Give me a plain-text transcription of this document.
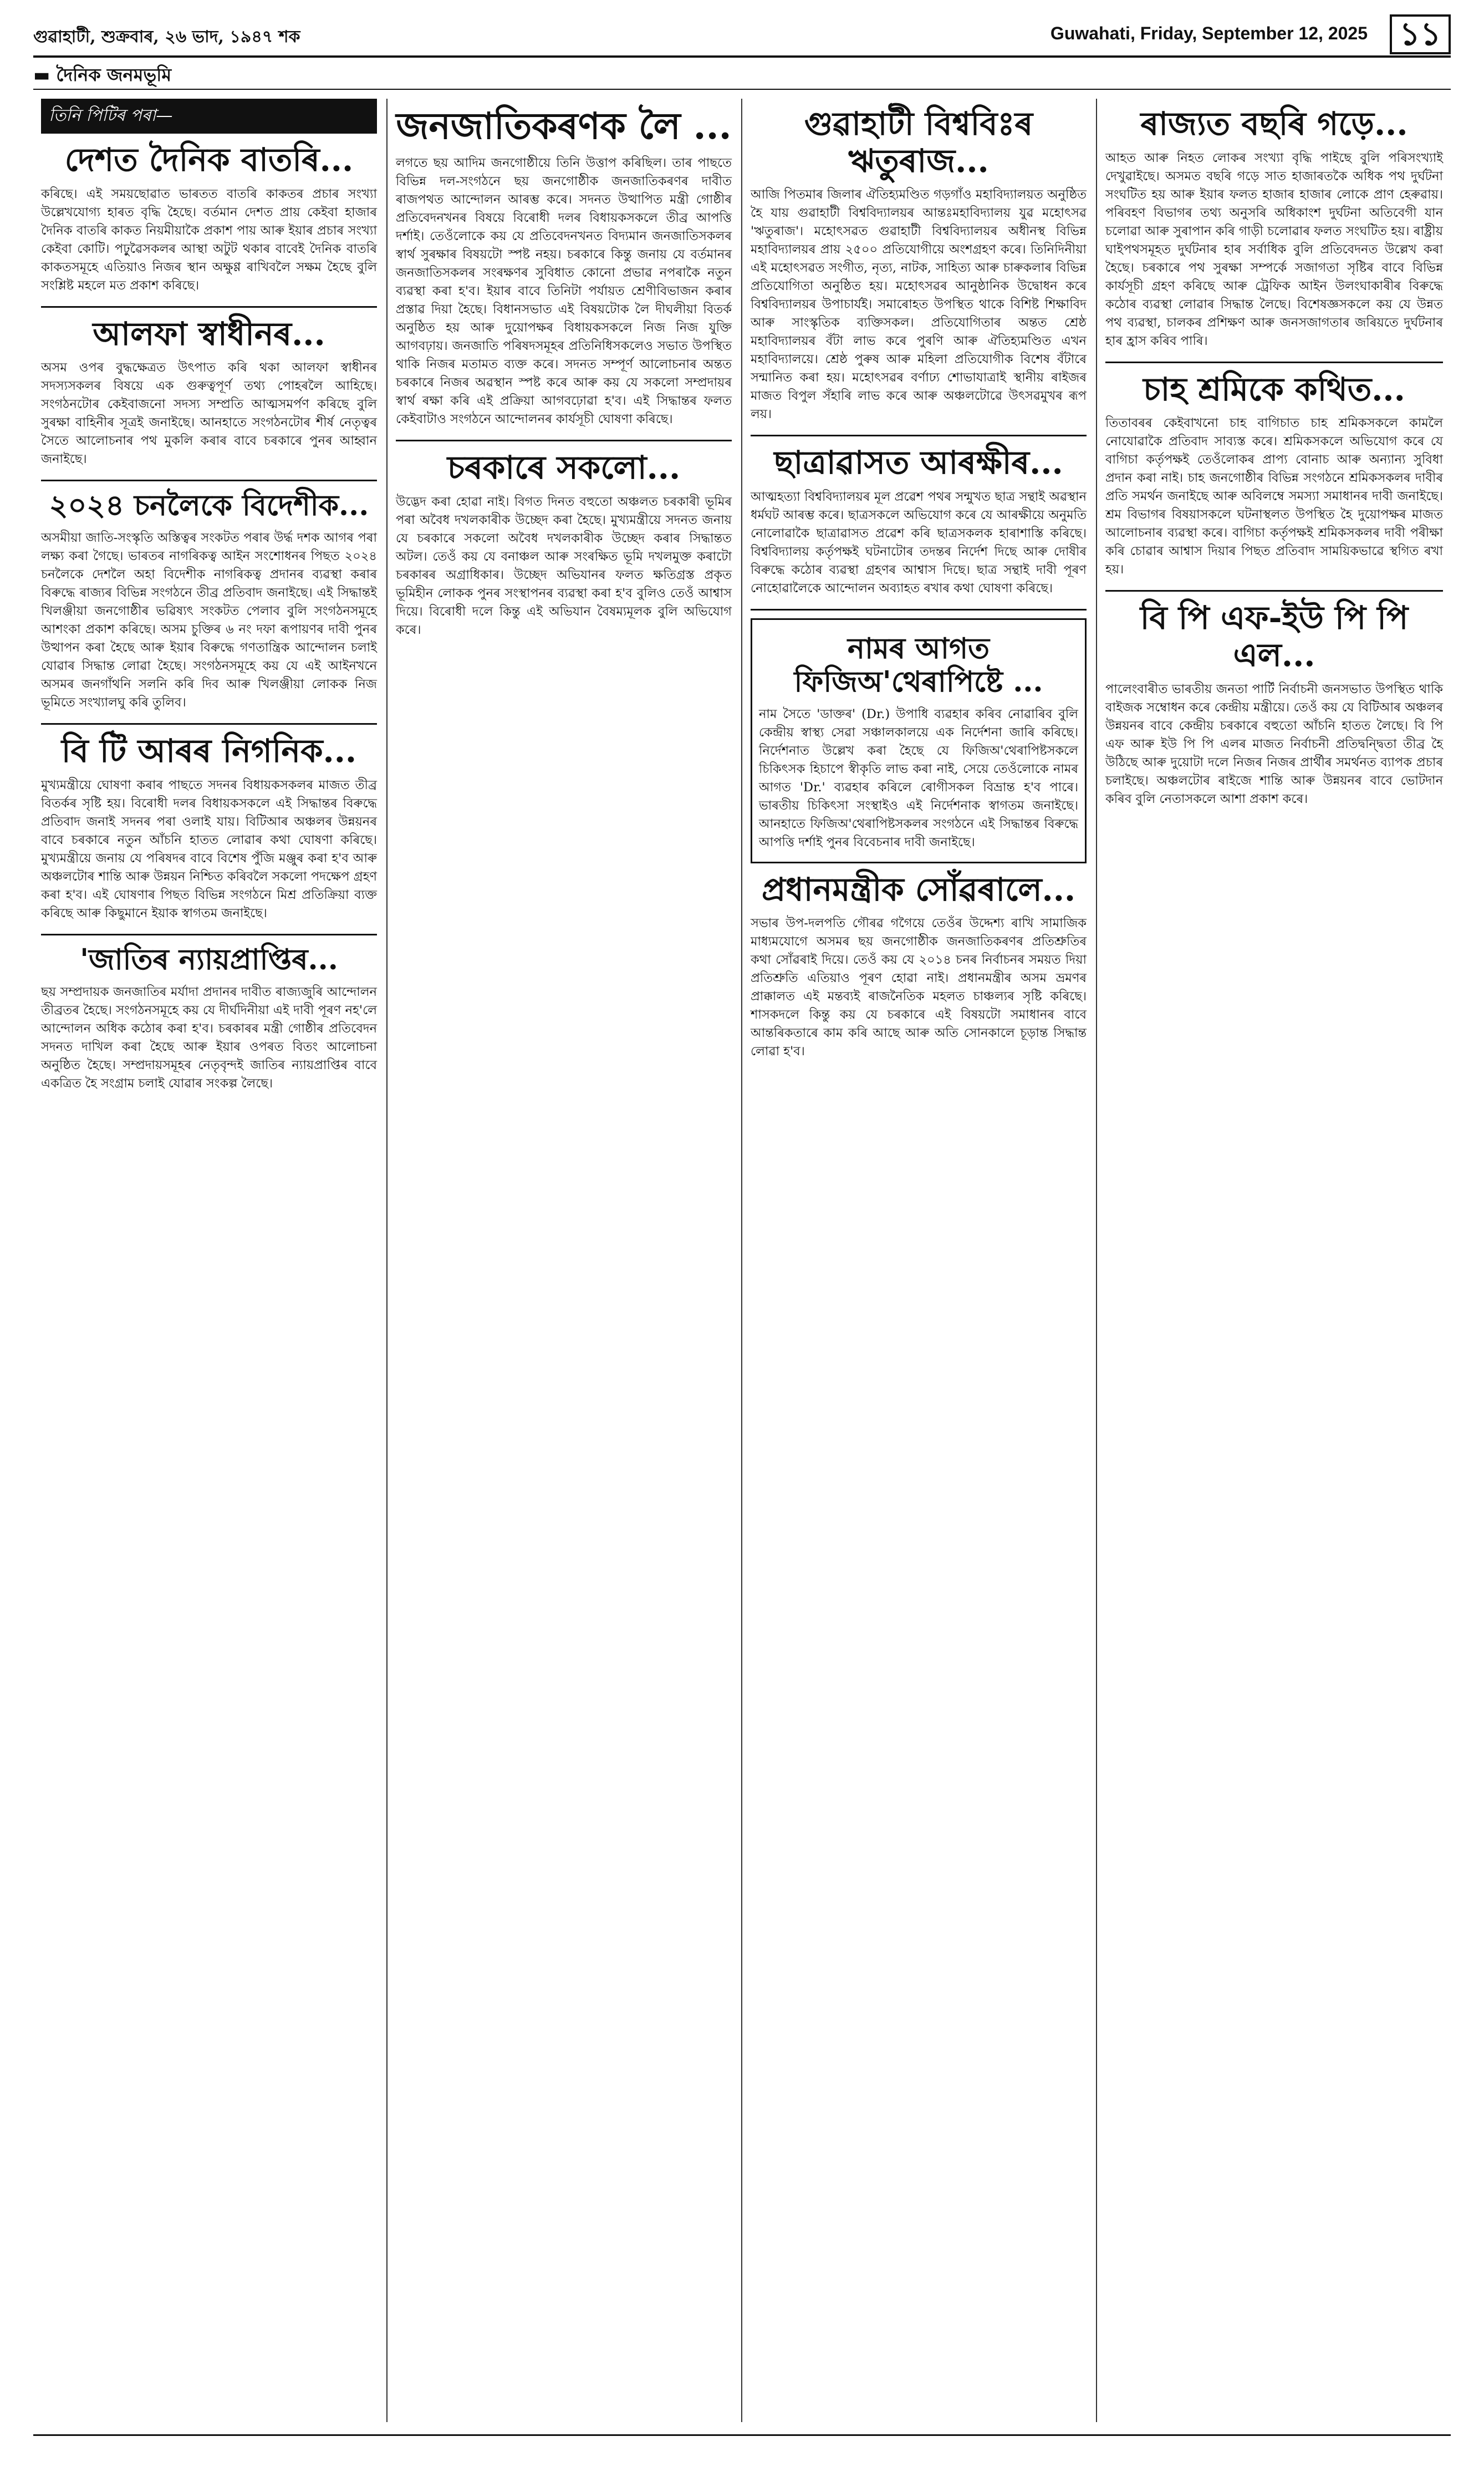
গুৱাহাটী, শুক্ৰবাৰ, ২৬ ভাদ, ১৯৪৭ শক	Guwahati, Friday, September 12, 2025 ১১
▬ দৈনিক জনমভূমি
তিনি পিটিৰ পৰা—
দেশত দৈনিক বাতৰি...

কৰিছে। এই সময়ছোৱাত ভাৰতত বাতৰি কাকতৰ প্ৰচাৰ সংখ্যা উল্লেখযোগ্য হাৰত বৃদ্ধি হৈছে। বৰ্তমান দেশত প্ৰায় কেইবা হাজাৰ দৈনিক বাতৰি কাকত নিয়মীয়াকৈ প্ৰকাশ পায় আৰু ইয়াৰ প্ৰচাৰ সংখ্যা কেইবা কোটি। পঢ়ুৱৈসকলৰ আস্থা অটুট থকাৰ বাবেই দৈনিক বাতৰি কাকতসমূহে এতিয়াও নিজৰ স্থান অক্ষুণ্ণ ৰাখিবলৈ সক্ষম হৈছে বুলি সংশ্লিষ্ট মহলে মত প্ৰকাশ কৰিছে।

আলফা স্বাধীনৰ...

অসম ওপৰ বুদ্ধক্ষেত্ৰত উৎপাত কৰি থকা আলফা স্বাধীনৰ সদস্যসকলৰ বিষয়ে এক গুৰুত্বপূৰ্ণ তথ্য পোহৰলৈ আহিছে। সংগঠনটোৰ কেইবাজনো সদস্য সম্প্ৰতি আত্মসমৰ্পণ কৰিছে বুলি সুৰক্ষা বাহিনীৰ সূত্ৰই জনাইছে। আনহাতে সংগঠনটোৰ শীৰ্ষ নেতৃত্বৰ সৈতে আলোচনাৰ পথ মুকলি কৰাৰ বাবে চৰকাৰে পুনৰ আহ্বান জনাইছে।

২০২৪ চনলৈকে বিদেশীক...

অসমীয়া জাতি-সংস্কৃতি অস্তিত্বৰ সংকটত পৰাৰ উৰ্দ্ধ দশক আগৰ পৰা লক্ষ্য কৰা গৈছে। ভাৰতৰ নাগৰিকত্ব আইন সংশোধনৰ পিছত ২০২৪ চনলৈকে দেশলৈ অহা বিদেশীক নাগৰিকত্ব প্ৰদানৰ ব্যৱস্থা কৰাৰ বিৰুদ্ধে ৰাজ্যৰ বিভিন্ন সংগঠনে তীব্ৰ প্ৰতিবাদ জনাইছে। এই সিদ্ধান্তই খিলঞ্জীয়া জনগোষ্ঠীৰ ভৱিষ্যৎ সংকটত পেলাব বুলি সংগঠনসমূহে আশংকা প্ৰকাশ কৰিছে। অসম চুক্তিৰ ৬ নং দফা ৰূপায়ণৰ দাবী পুনৰ উত্থাপন কৰা হৈছে আৰু ইয়াৰ বিৰুদ্ধে গণতান্ত্ৰিক আন্দোলন চলাই যোৱাৰ সিদ্ধান্ত লোৱা হৈছে। সংগঠনসমূহে কয় যে এই আইনখনে অসমৰ জনগাঁথনি সলনি কৰি দিব আৰু খিলঞ্জীয়া লোকক নিজ ভূমিতে সংখ্যালঘু কৰি তুলিব।

বি টি আৰৰ নিগনিক...

মুখ্যমন্ত্ৰীয়ে ঘোষণা কৰাৰ পাছতে সদনৰ বিধায়কসকলৰ মাজত তীব্ৰ বিতৰ্কৰ সৃষ্টি হয়। বিৰোধী দলৰ বিধায়কসকলে এই সিদ্ধান্তৰ বিৰুদ্ধে প্ৰতিবাদ জনাই সদনৰ পৰা ওলাই যায়। বিটিআৰ অঞ্চলৰ উন্নয়নৰ বাবে চৰকাৰে নতুন আঁচনি হাতত লোৱাৰ কথা ঘোষণা কৰিছে। মুখ্যমন্ত্ৰীয়ে জনায় যে পৰিষদৰ বাবে বিশেষ পুঁজি মঞ্জুৰ কৰা হ'ব আৰু অঞ্চলটোৰ শান্তি আৰু উন্নয়ন নিশ্চিত কৰিবলৈ সকলো পদক্ষেপ গ্ৰহণ কৰা হ'ব। এই ঘোষণাৰ পিছত বিভিন্ন সংগঠনে মিশ্ৰ প্ৰতিক্ৰিয়া ব্যক্ত কৰিছে আৰু কিছুমানে ইয়াক স্বাগতম জনাইছে।

'জাতিৰ ন্যায়প্ৰাপ্তিৰ...

ছয় সম্প্ৰদায়ক জনজাতিৰ মৰ্যাদা প্ৰদানৰ দাবীত ৰাজ্যজুৰি আন্দোলন তীব্ৰতৰ হৈছে। সংগঠনসমূহে কয় যে দীৰ্ঘদিনীয়া এই দাবী পূৰণ নহ'লে আন্দোলন অধিক কঠোৰ কৰা হ'ব। চৰকাৰৰ মন্ত্ৰী গোষ্ঠীৰ প্ৰতিবেদন সদনত দাখিল কৰা হৈছে আৰু ইয়াৰ ওপৰত বিতং আলোচনা অনুষ্ঠিত হৈছে। সম্প্ৰদায়সমূহৰ নেতৃবৃন্দই জাতিৰ ন্যায়প্ৰাপ্তিৰ বাবে একত্ৰিত হৈ সংগ্ৰাম চলাই যোৱাৰ সংকল্প লৈছে।

জনজাতিকৰণক লৈ ...

লগতে ছয় আদিম জনগোষ্ঠীয়ে তিনি উত্তাপ কৰিছিল। তাৰ পাছতে বিভিন্ন দল-সংগঠনে ছয় জনগোষ্ঠীক জনজাতিকৰণৰ দাবীত ৰাজপথত আন্দোলন আৰম্ভ কৰে। সদনত উত্থাপিত মন্ত্ৰী গোষ্ঠীৰ প্ৰতিবেদনখনৰ বিষয়ে বিৰোধী দলৰ বিধায়কসকলে তীব্ৰ আপত্তি দৰ্শাই। তেওঁলোকে কয় যে প্ৰতিবেদনখনত বিদ্যমান জনজাতিসকলৰ স্বাৰ্থ সুৰক্ষাৰ বিষয়টো স্পষ্ট নহয়। চৰকাৰে কিন্তু জনায় যে বৰ্তমানৰ জনজাতিসকলৰ সংৰক্ষণৰ সুবিধাত কোনো প্ৰভাৱ নপৰাকৈ নতুন ব্যৱস্থা কৰা হ'ব। ইয়াৰ বাবে তিনিটা পৰ্যায়ত শ্ৰেণীবিভাজন কৰাৰ প্ৰস্তাৱ দিয়া হৈছে। বিধানসভাত এই বিষয়টোক লৈ দীঘলীয়া বিতৰ্ক অনুষ্ঠিত হয় আৰু দুয়োপক্ষৰ বিধায়কসকলে নিজ নিজ যুক্তি আগবঢ়ায়। জনজাতি পৰিষদসমূহৰ প্ৰতিনিধিসকলেও সভাত উপস্থিত থাকি নিজৰ মতামত ব্যক্ত কৰে। সদনত সম্পূৰ্ণ আলোচনাৰ অন্তত চৰকাৰে নিজৰ অৱস্থান স্পষ্ট কৰে আৰু কয় যে সকলো সম্প্ৰদায়ৰ স্বাৰ্থ ৰক্ষা কৰি এই প্ৰক্ৰিয়া আগবঢ়োৱা হ'ব। এই সিদ্ধান্তৰ ফলত কেইবাটাও সংগঠনে আন্দোলনৰ কাৰ্যসূচী ঘোষণা কৰিছে।

চৰকাৰে সকলো...

উদ্ভেদ কৰা হোৱা নাই। বিগত দিনত বহুতো অঞ্চলত চৰকাৰী ভূমিৰ পৰা অবৈধ দখলকাৰীক উচ্ছেদ কৰা হৈছে। মুখ্যমন্ত্ৰীয়ে সদনত জনায় যে চৰকাৰে সকলো অবৈধ দখলকাৰীক উচ্ছেদ কৰাৰ সিদ্ধান্তত অটল। তেওঁ কয় যে বনাঞ্চল আৰু সংৰক্ষিত ভূমি দখলমুক্ত কৰাটো চৰকাৰৰ অগ্ৰাধিকাৰ। উচ্ছেদ অভিযানৰ ফলত ক্ষতিগ্ৰস্ত প্ৰকৃত ভূমিহীন লোকক পুনৰ সংস্থাপনৰ ব্যৱস্থা কৰা হ'ব বুলিও তেওঁ আশ্বাস দিয়ে। বিৰোধী দলে কিন্তু এই অভিযান বৈষম্যমূলক বুলি অভিযোগ কৰে।

গুৱাহাটী বিশ্ববিঃৰ ঋতুৰাজ...

আজি পিতমাৰ জিলাৰ ঐতিহ্যমণ্ডিত গড়গাঁও মহাবিদ্যালয়ত অনুষ্ঠিত হৈ যায় গুৱাহাটী বিশ্ববিদ্যালয়ৰ আন্তঃমহাবিদ্যালয় যুৱ মহোৎসৱ 'ঋতুৰাজ'। মহোৎসৱত গুৱাহাটী বিশ্ববিদ্যালয়ৰ অধীনস্থ বিভিন্ন মহাবিদ্যালয়ৰ প্ৰায় ২৫০০ প্ৰতিযোগীয়ে অংশগ্ৰহণ কৰে। তিনিদিনীয়া এই মহোৎসৱত সংগীত, নৃত্য, নাটক, সাহিত্য আৰু চাৰুকলাৰ বিভিন্ন প্ৰতিযোগিতা অনুষ্ঠিত হয়। মহোৎসৱৰ আনুষ্ঠানিক উদ্বোধন কৰে বিশ্ববিদ্যালয়ৰ উপাচাৰ্যই। সমাৰোহত উপস্থিত থাকে বিশিষ্ট শিক্ষাবিদ আৰু সাংস্কৃতিক ব্যক্তিসকল। প্ৰতিযোগিতাৰ অন্তত শ্ৰেষ্ঠ মহাবিদ্যালয়ৰ বঁটা লাভ কৰে পুৰণি আৰু ঐতিহ্যমণ্ডিত এখন মহাবিদ্যালয়ে। শ্ৰেষ্ঠ পুৰুষ আৰু মহিলা প্ৰতিযোগীক বিশেষ বঁটাৰে সন্মানিত কৰা হয়। মহোৎসৱৰ বৰ্ণাঢ্য শোভাযাত্ৰাই স্থানীয় ৰাইজৰ মাজত বিপুল সঁহাৰি লাভ কৰে আৰু অঞ্চলটোৱে উৎসৱমুখৰ ৰূপ লয়।

ছাত্ৰাৱাসত আৰক্ষীৰ...

আত্মহত্যা বিশ্ববিদ্যালয়ৰ মূল প্ৰৱেশ পথৰ সন্মুখত ছাত্ৰ সন্থাই অৱস্থান ধৰ্মঘট আৰম্ভ কৰে। ছাত্ৰসকলে অভিযোগ কৰে যে আৰক্ষীয়ে অনুমতি নোলোৱাকৈ ছাত্ৰাৱাসত প্ৰৱেশ কৰি ছাত্ৰসকলক হাৰাশাস্তি কৰিছে। বিশ্ববিদ্যালয় কৰ্তৃপক্ষই ঘটনাটোৰ তদন্তৰ নিৰ্দেশ দিছে আৰু দোষীৰ বিৰুদ্ধে কঠোৰ ব্যৱস্থা গ্ৰহণৰ আশ্বাস দিছে। ছাত্ৰ সন্থাই দাবী পূৰণ নোহোৱালৈকে আন্দোলন অব্যাহত ৰখাৰ কথা ঘোষণা কৰিছে।

নামৰ আগত ফিজিঅ'থেৰাপিষ্টে ...

নাম সৈতে 'ডাক্তৰ' (Dr.) উপাধি ব্যৱহাৰ কৰিব নোৱাৰিব বুলি কেন্দ্ৰীয় স্বাস্থ্য সেৱা সঞ্চালকালয়ে এক নিৰ্দেশনা জাৰি কৰিছে। নিৰ্দেশনাত উল্লেখ কৰা হৈছে যে ফিজিঅ'থেৰাপিষ্টসকলে চিকিৎসক হিচাপে স্বীকৃতি লাভ কৰা নাই, সেয়ে তেওঁলোকে নামৰ আগত 'Dr.' ব্যৱহাৰ কৰিলে ৰোগীসকল বিভ্ৰান্ত হ'ব পাৰে। ভাৰতীয় চিকিৎসা সংস্থাইও এই নিৰ্দেশনাক স্বাগতম জনাইছে। আনহাতে ফিজিঅ'থেৰাপিষ্টসকলৰ সংগঠনে এই সিদ্ধান্তৰ বিৰুদ্ধে আপত্তি দৰ্শাই পুনৰ বিবেচনাৰ দাবী জনাইছে।

প্ৰধানমন্ত্ৰীক সোঁৱৰালে...

সভাৰ উপ-দলপতি গৌৰৱ গগৈয়ে তেওঁৰ উদ্দেশ্য ৰাখি সামাজিক মাধ্যমযোগে অসমৰ ছয় জনগোষ্ঠীক জনজাতিকৰণৰ প্ৰতিশ্ৰুতিৰ কথা সোঁৱৰাই দিয়ে। তেওঁ কয় যে ২০১৪ চনৰ নিৰ্বাচনৰ সময়ত দিয়া প্ৰতিশ্ৰুতি এতিয়াও পূৰণ হোৱা নাই। প্ৰধানমন্ত্ৰীৰ অসম ভ্ৰমণৰ প্ৰাক্কালত এই মন্তব্যই ৰাজনৈতিক মহলত চাঞ্চল্যৰ সৃষ্টি কৰিছে। শাসকদলে কিন্তু কয় যে চৰকাৰে এই বিষয়টো সমাধানৰ বাবে আন্তৰিকতাৰে কাম কৰি আছে আৰু অতি সোনকালে চূড়ান্ত সিদ্ধান্ত লোৱা হ'ব।

ৰাজ্যত বছৰি গড়ে...

আহত আৰু নিহত লোকৰ সংখ্যা বৃদ্ধি পাইছে বুলি পৰিসংখ্যাই দেখুৱাইছে। অসমত বছৰি গড়ে সাত হাজাৰতকৈ অধিক পথ দুৰ্ঘটনা সংঘটিত হয় আৰু ইয়াৰ ফলত হাজাৰ হাজাৰ লোকে প্ৰাণ হেৰুৱায়। পৰিবহণ বিভাগৰ তথ্য অনুসৰি অধিকাংশ দুৰ্ঘটনা অতিবেগী যান চলোৱা আৰু সুৰাপান কৰি গাড়ী চলোৱাৰ ফলত সংঘটিত হয়। ৰাষ্ট্ৰীয় ঘাইপথসমূহত দুৰ্ঘটনাৰ হাৰ সৰ্বাধিক বুলি প্ৰতিবেদনত উল্লেখ কৰা হৈছে। চৰকাৰে পথ সুৰক্ষা সম্পৰ্কে সজাগতা সৃষ্টিৰ বাবে বিভিন্ন কাৰ্যসূচী গ্ৰহণ কৰিছে আৰু ট্ৰেফিক আইন উলংঘাকাৰীৰ বিৰুদ্ধে কঠোৰ ব্যৱস্থা লোৱাৰ সিদ্ধান্ত লৈছে। বিশেষজ্ঞসকলে কয় যে উন্নত পথ ব্যৱস্থা, চালকৰ প্ৰশিক্ষণ আৰু জনসজাগতাৰ জৰিয়তে দুৰ্ঘটনাৰ হাৰ হ্ৰাস কৰিব পাৰি।

চাহ শ্ৰমিকে কথিত...

তিতাবৰৰ কেইবাখনো চাহ বাগিচাত চাহ শ্ৰমিকসকলে কামলৈ নোযোৱাকৈ প্ৰতিবাদ সাব্যস্ত কৰে। শ্ৰমিকসকলে অভিযোগ কৰে যে বাগিচা কৰ্তৃপক্ষই তেওঁলোকৰ প্ৰাপ্য বোনাচ আৰু অন্যান্য সুবিধা প্ৰদান কৰা নাই। চাহ জনগোষ্ঠীৰ বিভিন্ন সংগঠনে শ্ৰমিকসকলৰ দাবীৰ প্ৰতি সমৰ্থন জনাইছে আৰু অবিলম্বে সমস্যা সমাধানৰ দাবী জনাইছে। শ্ৰম বিভাগৰ বিষয়াসকলে ঘটনাস্থলত উপস্থিত হৈ দুয়োপক্ষৰ মাজত আলোচনাৰ ব্যৱস্থা কৰে। বাগিচা কৰ্তৃপক্ষই শ্ৰমিকসকলৰ দাবী পৰীক্ষা কৰি চোৱাৰ আশ্বাস দিয়াৰ পিছত প্ৰতিবাদ সাময়িকভাৱে স্থগিত ৰখা হয়।

বি পি এফ-ইউ পি পি এল...

পালেংবাৰীত ভাৰতীয় জনতা পাৰ্টি নিৰ্বাচনী জনসভাত উপস্থিত থাকি বাইজক সম্বোধন কৰে কেন্দ্ৰীয় মন্ত্ৰীয়ে। তেওঁ কয় যে বিটিআৰ অঞ্চলৰ উন্নয়নৰ বাবে কেন্দ্ৰীয় চৰকাৰে বহুতো আঁচনি হাতত লৈছে। বি পি এফ আৰু ইউ পি পি এলৰ মাজত নিৰ্বাচনী প্ৰতিদ্বন্দ্বিতা তীব্ৰ হৈ উঠিছে আৰু দুয়োটা দলে নিজৰ নিজৰ প্ৰাৰ্থীৰ সমৰ্থনত ব্যাপক প্ৰচাৰ চলাইছে। অঞ্চলটোৰ ৰাইজে শান্তি আৰু উন্নয়নৰ বাবে ভোটদান কৰিব বুলি নেতাসকলে আশা প্ৰকাশ কৰে।
